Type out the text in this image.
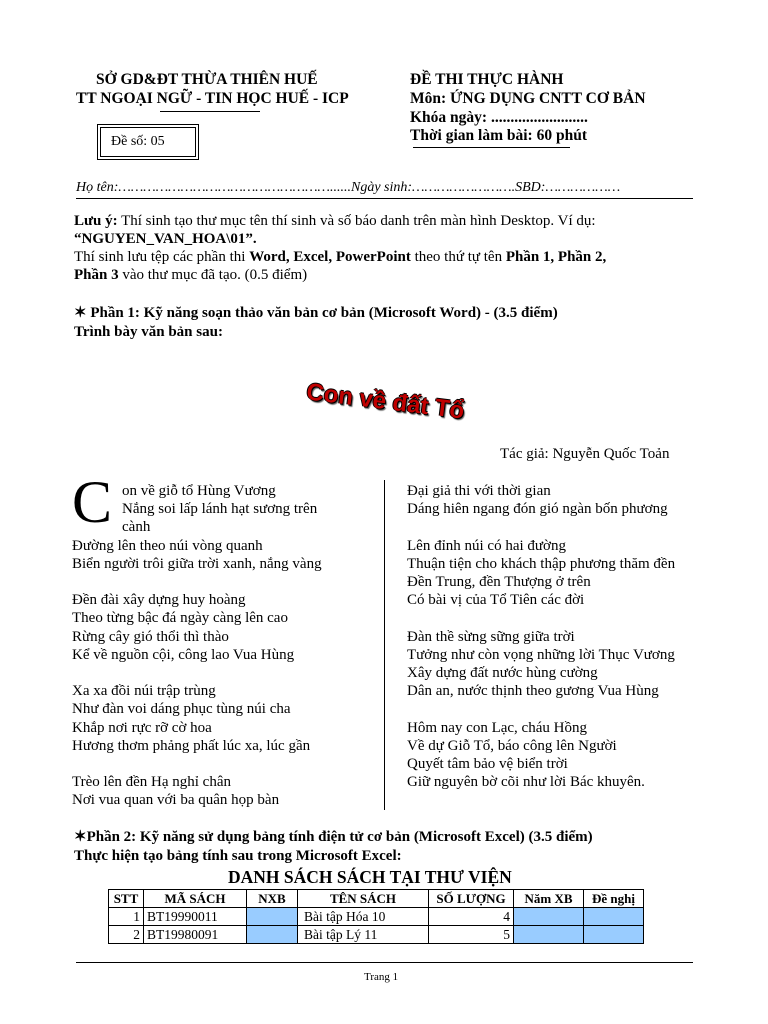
SỞ GD&ĐT THỪA THIÊN HUẾ
TT NGOẠI NGỮ - TIN HỌC HUẾ - ICP
Đề số: 05
ĐỀ THI THỰC HÀNH
Môn: ỨNG DỤNG CNTT CƠ BẢN
Khóa ngày: .........................
Thời gian làm bài: 60 phút
Họ tên:……………………………………………......Ngày sinh:…………………….SBD:………………
Lưu ý: Thí sinh tạo thư mục tên thí sinh và số báo danh trên màn hình Desktop. Ví dụ:
“NGUYEN_VAN_HOA\01”.
Thí sinh lưu tệp các phần thi Word, Excel, PowerPoint theo thứ tự tên Phần 1, Phần 2,
Phần 3 vào thư mục đã tạo. (0.5 điểm)
✶ Phần 1: Kỹ năng soạn thảo văn bản cơ bản (Microsoft Word) - (3.5 điểm)
Trình bày văn bản sau:
Con về đất Tổ
Tác giả: Nguyễn Quốc Toản
C on về giỗ tổ Hùng Vương
Nắng soi lấp lánh hạt sương trên
cành
Đường lên theo núi vòng quanh
Biển người trôi giữa trời xanh, nắng vàng
Đền đài xây dựng huy hoàng
Theo từng bậc đá ngày càng lên cao
Rừng cây gió thổi thì thào
Kể về nguồn cội, công lao Vua Hùng
Xa xa đồi núi trập trùng
Như đàn voi dáng phục tùng núi cha
Khắp nơi rực rỡ cờ hoa
Hương thơm phảng phất lúc xa, lúc gần
Trèo lên đền Hạ nghỉ chân
Nơi vua quan với ba quân họp bàn
Đại giả thi với thời gian
Dáng hiên ngang đón gió ngàn bốn phương
Lên đỉnh núi có hai đường
Thuận tiện cho khách thập phương thăm đền
Đền Trung, đền Thượng ở trên
Có bài vị của Tổ Tiên các đời
Đàn thề sừng sững giữa trời
Tưởng như còn vọng những lời Thục Vương
Xây dựng đất nước hùng cường
Dân an, nước thịnh theo gương Vua Hùng
Hôm nay con Lạc, cháu Hồng
Về dự Giỗ Tổ, báo công lên Người
Quyết tâm bảo vệ biển trời
Giữ nguyên bờ cõi như lời Bác khuyên.
✶Phần 2: Kỹ năng sử dụng bảng tính điện tử cơ bản (Microsoft Excel) (3.5 điểm)
Thực hiện tạo bảng tính sau trong Microsoft Excel:
DANH SÁCH SÁCH TẠI THƯ VIỆN
STT	MÃ SÁCH	NXB	TÊN SÁCH	SỐ LƯỢNG	Năm XB	Đề nghị
1	BT19990011		Bài tập Hóa 10	4		
2	BT19980091		Bài tập Lý 11	5		
Trang 1
